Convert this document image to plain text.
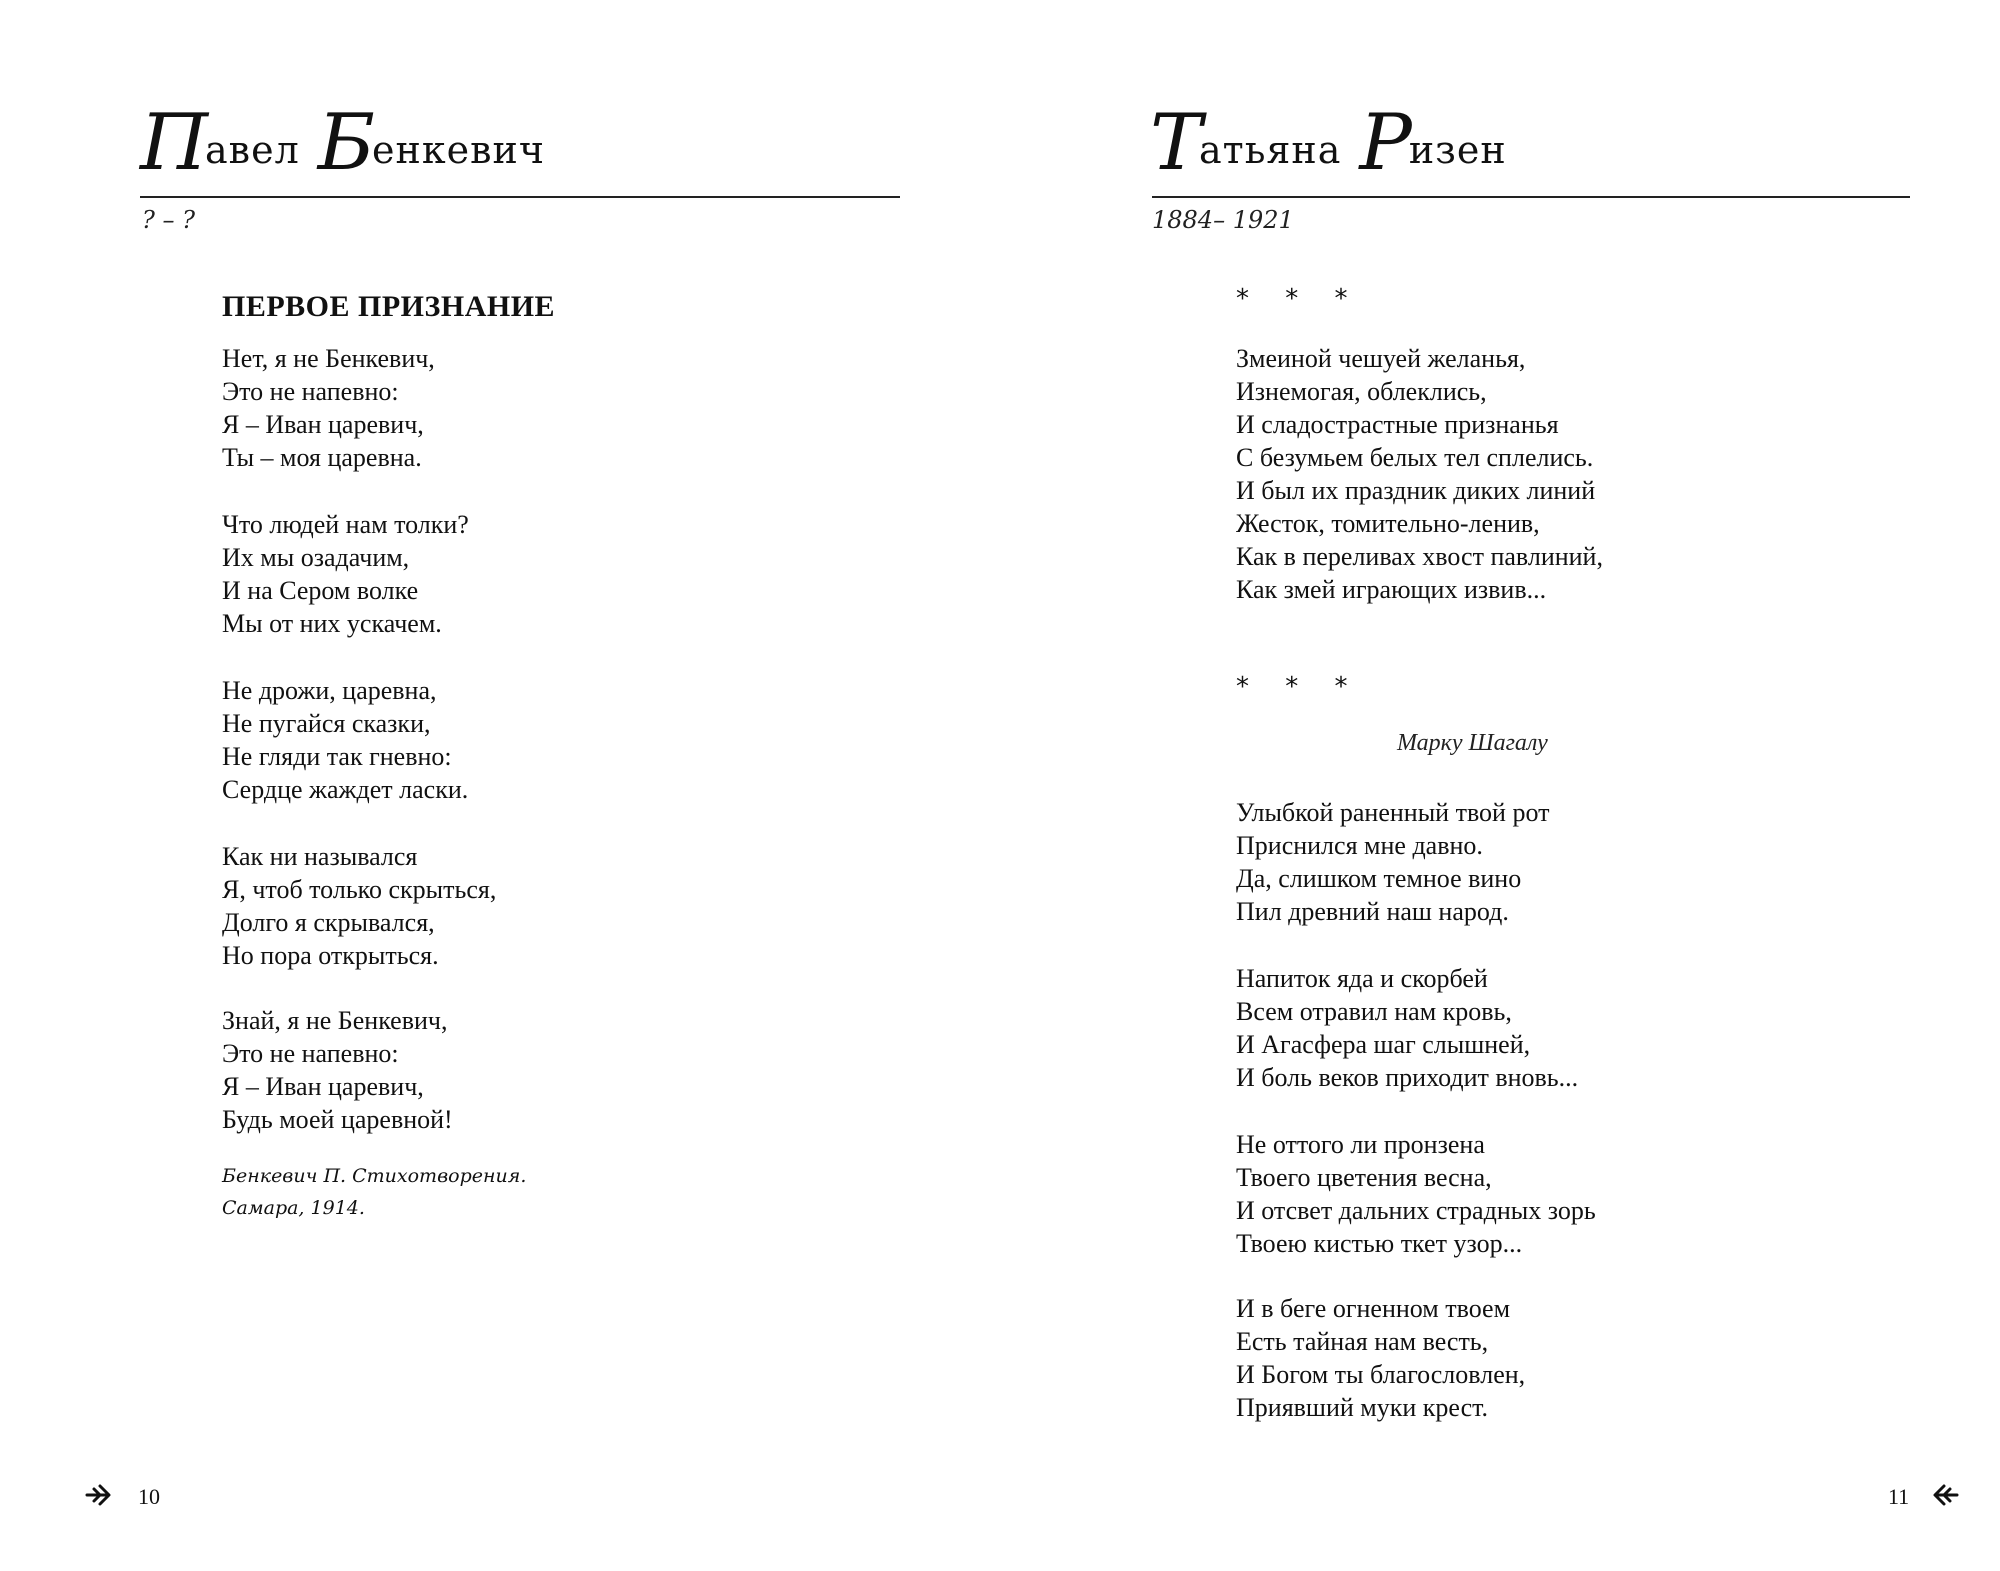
Павел Бенкевич
? – ?
ПЕРВОЕ ПРИЗНАНИЕ
Нет, я не Бенкевич,
Это не напевно:
Я – Иван царевич,
Ты – моя царевна.
Что людей нам толки?
Их мы озадачим,
И на Сером волке
Мы от них ускачем.
Не дрожи, царевна,
Не пугайся сказки,
Не гляди так гневно:
Сердце жаждет ласки.
Как ни назывался
Я, чтоб только скрыться,
Долго я скрывался,
Но пора открыться.
Знай, я не Бенкевич,
Это не напевно:
Я – Иван царевич,
Будь моей царевной!
Бенкевич П. Стихотворения.
Самара, 1914.
10
Татьяна Ризен
1884– 1921
* * *
Змеиной чешуей желанья,
Изнемогая, облеклись,
И сладострастные признанья
С безумьем белых тел сплелись.
И был их праздник диких линий
Жесток, томительно-ленив,
Как в переливах хвост павлиний,
Как змей играющих извив...
* * *
Марку Шагалу
Улыбкой раненный твой рот
Приснился мне давно.
Да, слишком темное вино
Пил древний наш народ.
Напиток яда и скорбей
Всем отравил нам кровь,
И Агасфера шаг слышней,
И боль веков приходит вновь...
Не оттого ли пронзена
Твоего цветения весна,
И отсвет дальних страдных зорь
Твоею кистью ткет узор...
И в беге огненном твоем
Есть тайная нам весть,
И Богом ты благословлен,
Приявший муки крест.
11
